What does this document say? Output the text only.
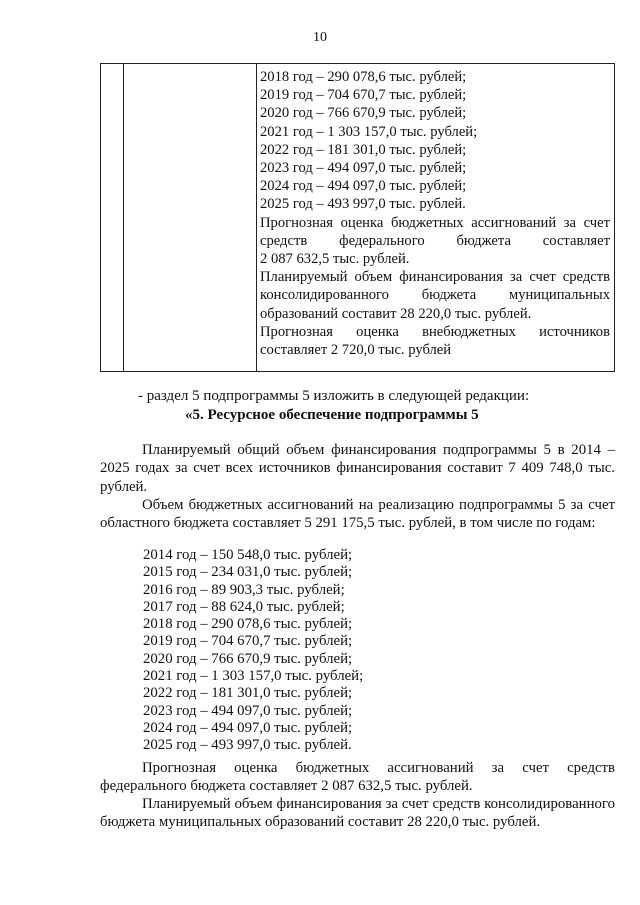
10
2018 год – 290 078,6 тыс. рублей;
2019 год – 704 670,7 тыс. рублей;
2020 год – 766 670,9 тыс. рублей;
2021 год – 1 303 157,0 тыс. рублей;
2022 год – 181 301,0 тыс. рублей;
2023 год – 494 097,0 тыс. рублей;
2024 год – 494 097,0 тыс. рублей;
2025 год – 493 997,0 тыс. рублей.
Прогнозная оценка бюджетных ассигнований за счет
средств федерального бюджета составляет
2 087 632,5 тыс. рублей.
Планируемый объем финансирования за счет средств
консолидированного бюджета муниципальных
образований составит 28 220,0 тыс. рублей.
Прогнозная оценка внебюджетных источников
составляет 2 720,0 тыс. рублей
- раздел 5 подпрограммы 5 изложить в следующей редакции:
«5. Ресурсное обеспечение подпрограммы 5
Планируемый общий объем финансирования подпрограммы 5 в 2014 – 2025 годах за счет всех источников финансирования составит 7 409 748,0 тыс. рублей.
Объем бюджетных ассигнований на реализацию подпрограммы 5 за счет областного бюджета составляет 5 291 175,5 тыс. рублей, в том числе по годам:
2014 год – 150 548,0 тыс. рублей;
2015 год – 234 031,0 тыс. рублей;
2016 год – 89 903,3 тыс. рублей;
2017 год – 88 624,0 тыс. рублей;
2018 год – 290 078,6 тыс. рублей;
2019 год – 704 670,7 тыс. рублей;
2020 год – 766 670,9 тыс. рублей;
2021 год – 1 303 157,0 тыс. рублей;
2022 год – 181 301,0 тыс. рублей;
2023 год – 494 097,0 тыс. рублей;
2024 год – 494 097,0 тыс. рублей;
2025 год – 493 997,0 тыс. рублей.
Прогнозная оценка бюджетных ассигнований за счет средств федерального бюджета составляет 2 087 632,5 тыс. рублей.
Планируемый объем финансирования за счет средств консолидированного бюджета муниципальных образований составит 28 220,0 тыс. рублей.
